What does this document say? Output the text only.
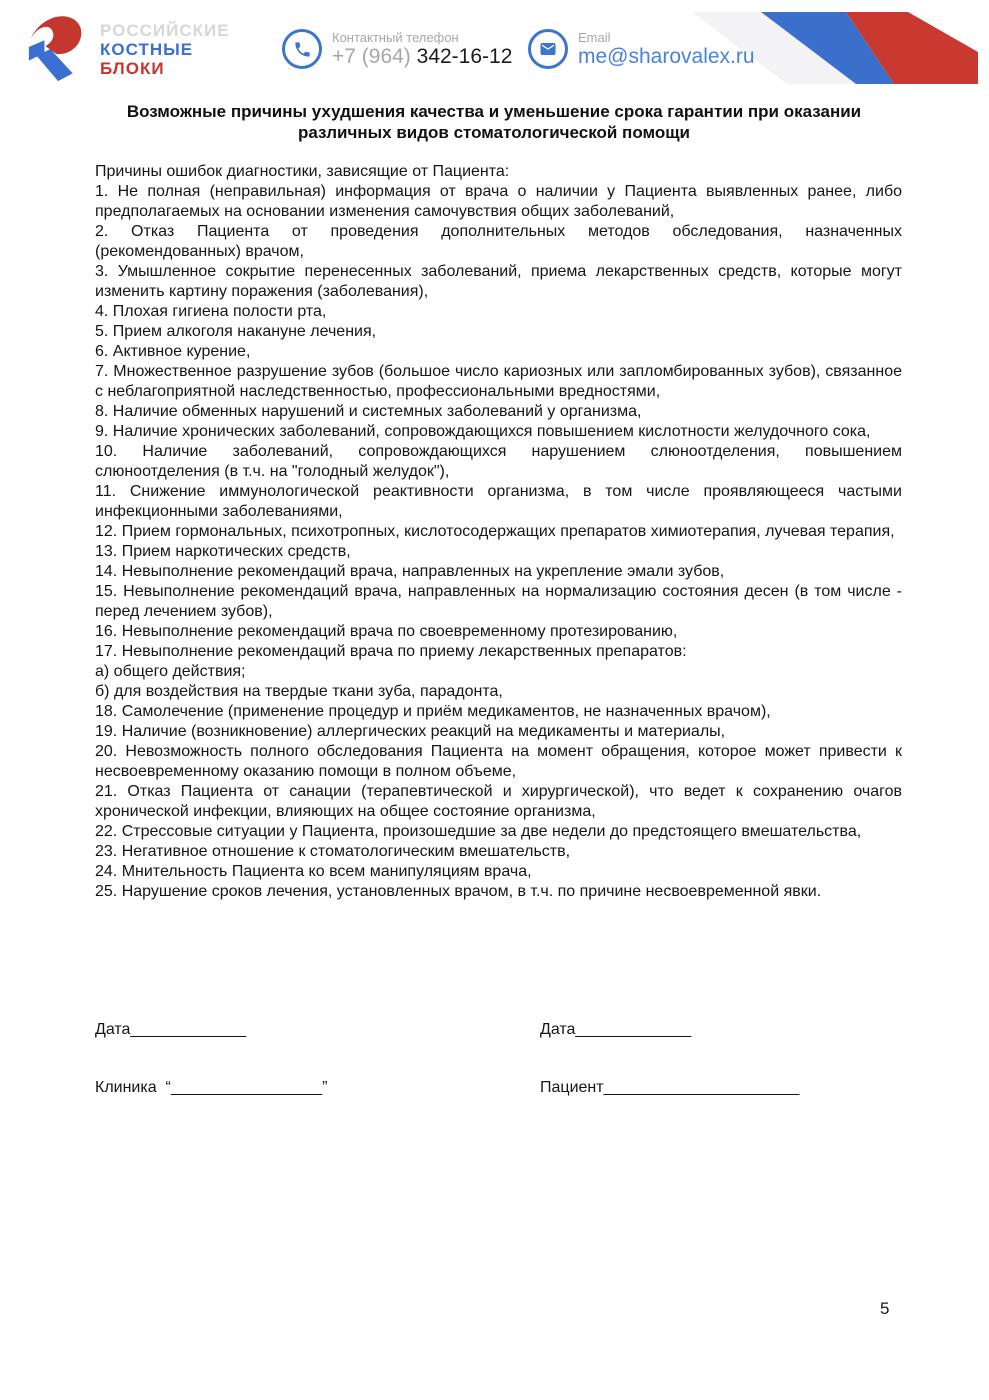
РОССИЙСКИЕ
КОСТНЫЕ
БЛОКИ
Контактный телефон
+7 (964) 342-16-12
Email
me@sharovalex.ru
Возможные причины ухудшения качества и уменьшение срока гарантии при оказании различных видов стоматологической помощи

Причины ошибок диагностики, зависящие от Пациента:

1. Не полная (неправильная) информация от врача о наличии у Пациента выявленных ранее, либо предполагаемых на основании изменения самочувствия общих заболеваний,

2. Отказ Пациента от проведения дополнительных методов обследования, назначенных (рекомендованных) врачом,

3. Умышленное сокрытие перенесенных заболеваний, приема лекарственных средств, которые могут изменить картину поражения (заболевания),

4. Плохая гигиена полости рта,

5. Прием алкоголя накануне лечения,

6. Активное курение,

7. Множественное разрушение зубов (большое число кариозных или запломбированных зубов), связанное с неблагоприятной наследственностью, профессиональными вредностями,

8. Наличие обменных нарушений и системных заболеваний у организма,

9. Наличие хронических заболеваний, сопровождающихся повышением кислотности желудочного сока,

10. Наличие заболеваний, сопровождающихся нарушением слюноотделения, повышением слюноотделения (в т.ч. на "голодный желудок"),

11. Снижение иммунологической реактивности организма, в том числе проявляющееся частыми инфекционными заболеваниями,

12. Прием гормональных, психотропных, кислотосодержащих препаратов химиотерапия, лучевая терапия,

13. Прием наркотических средств,

14. Невыполнение рекомендаций врача, направленных на укрепление эмали зубов,

15. Невыполнение рекомендаций врача, направленных на нормализацию состояния десен (в том числе - перед лечением зубов),

16. Невыполнение рекомендаций врача по своевременному протезированию,

17. Невыполнение рекомендаций врача по приему лекарственных препаратов:

а) общего действия;

б) для воздействия на твердые ткани зуба, парадонта,

18. Самолечение (применение процедур и приём медикаментов, не назначенных врачом),

19. Наличие (возникновение) аллергических реакций на медикаменты и материалы,

20. Невозможность полного обследования Пациента на момент обращения, которое может привести к несвоевременному оказанию помощи в полном объеме,

21. Отказ Пациента от санации (терапевтической и хирургической), что ведет к сохранению очагов хронической инфекции, влияющих на общее состояние организма,

22. Стрессовые ситуации у Пациента, произошедшие за две недели до предстоящего вмешательства,

23. Негативное отношение к стоматологическим вмешательств,

24. Мнительность Пациента ко всем манипуляциям врача,

25. Нарушение сроков лечения, установленных врачом, в т.ч. по причине несвоевременной явки.

Дата_____________	Дата_____________
Клиника  “_________________”	Пациент______________________
5
